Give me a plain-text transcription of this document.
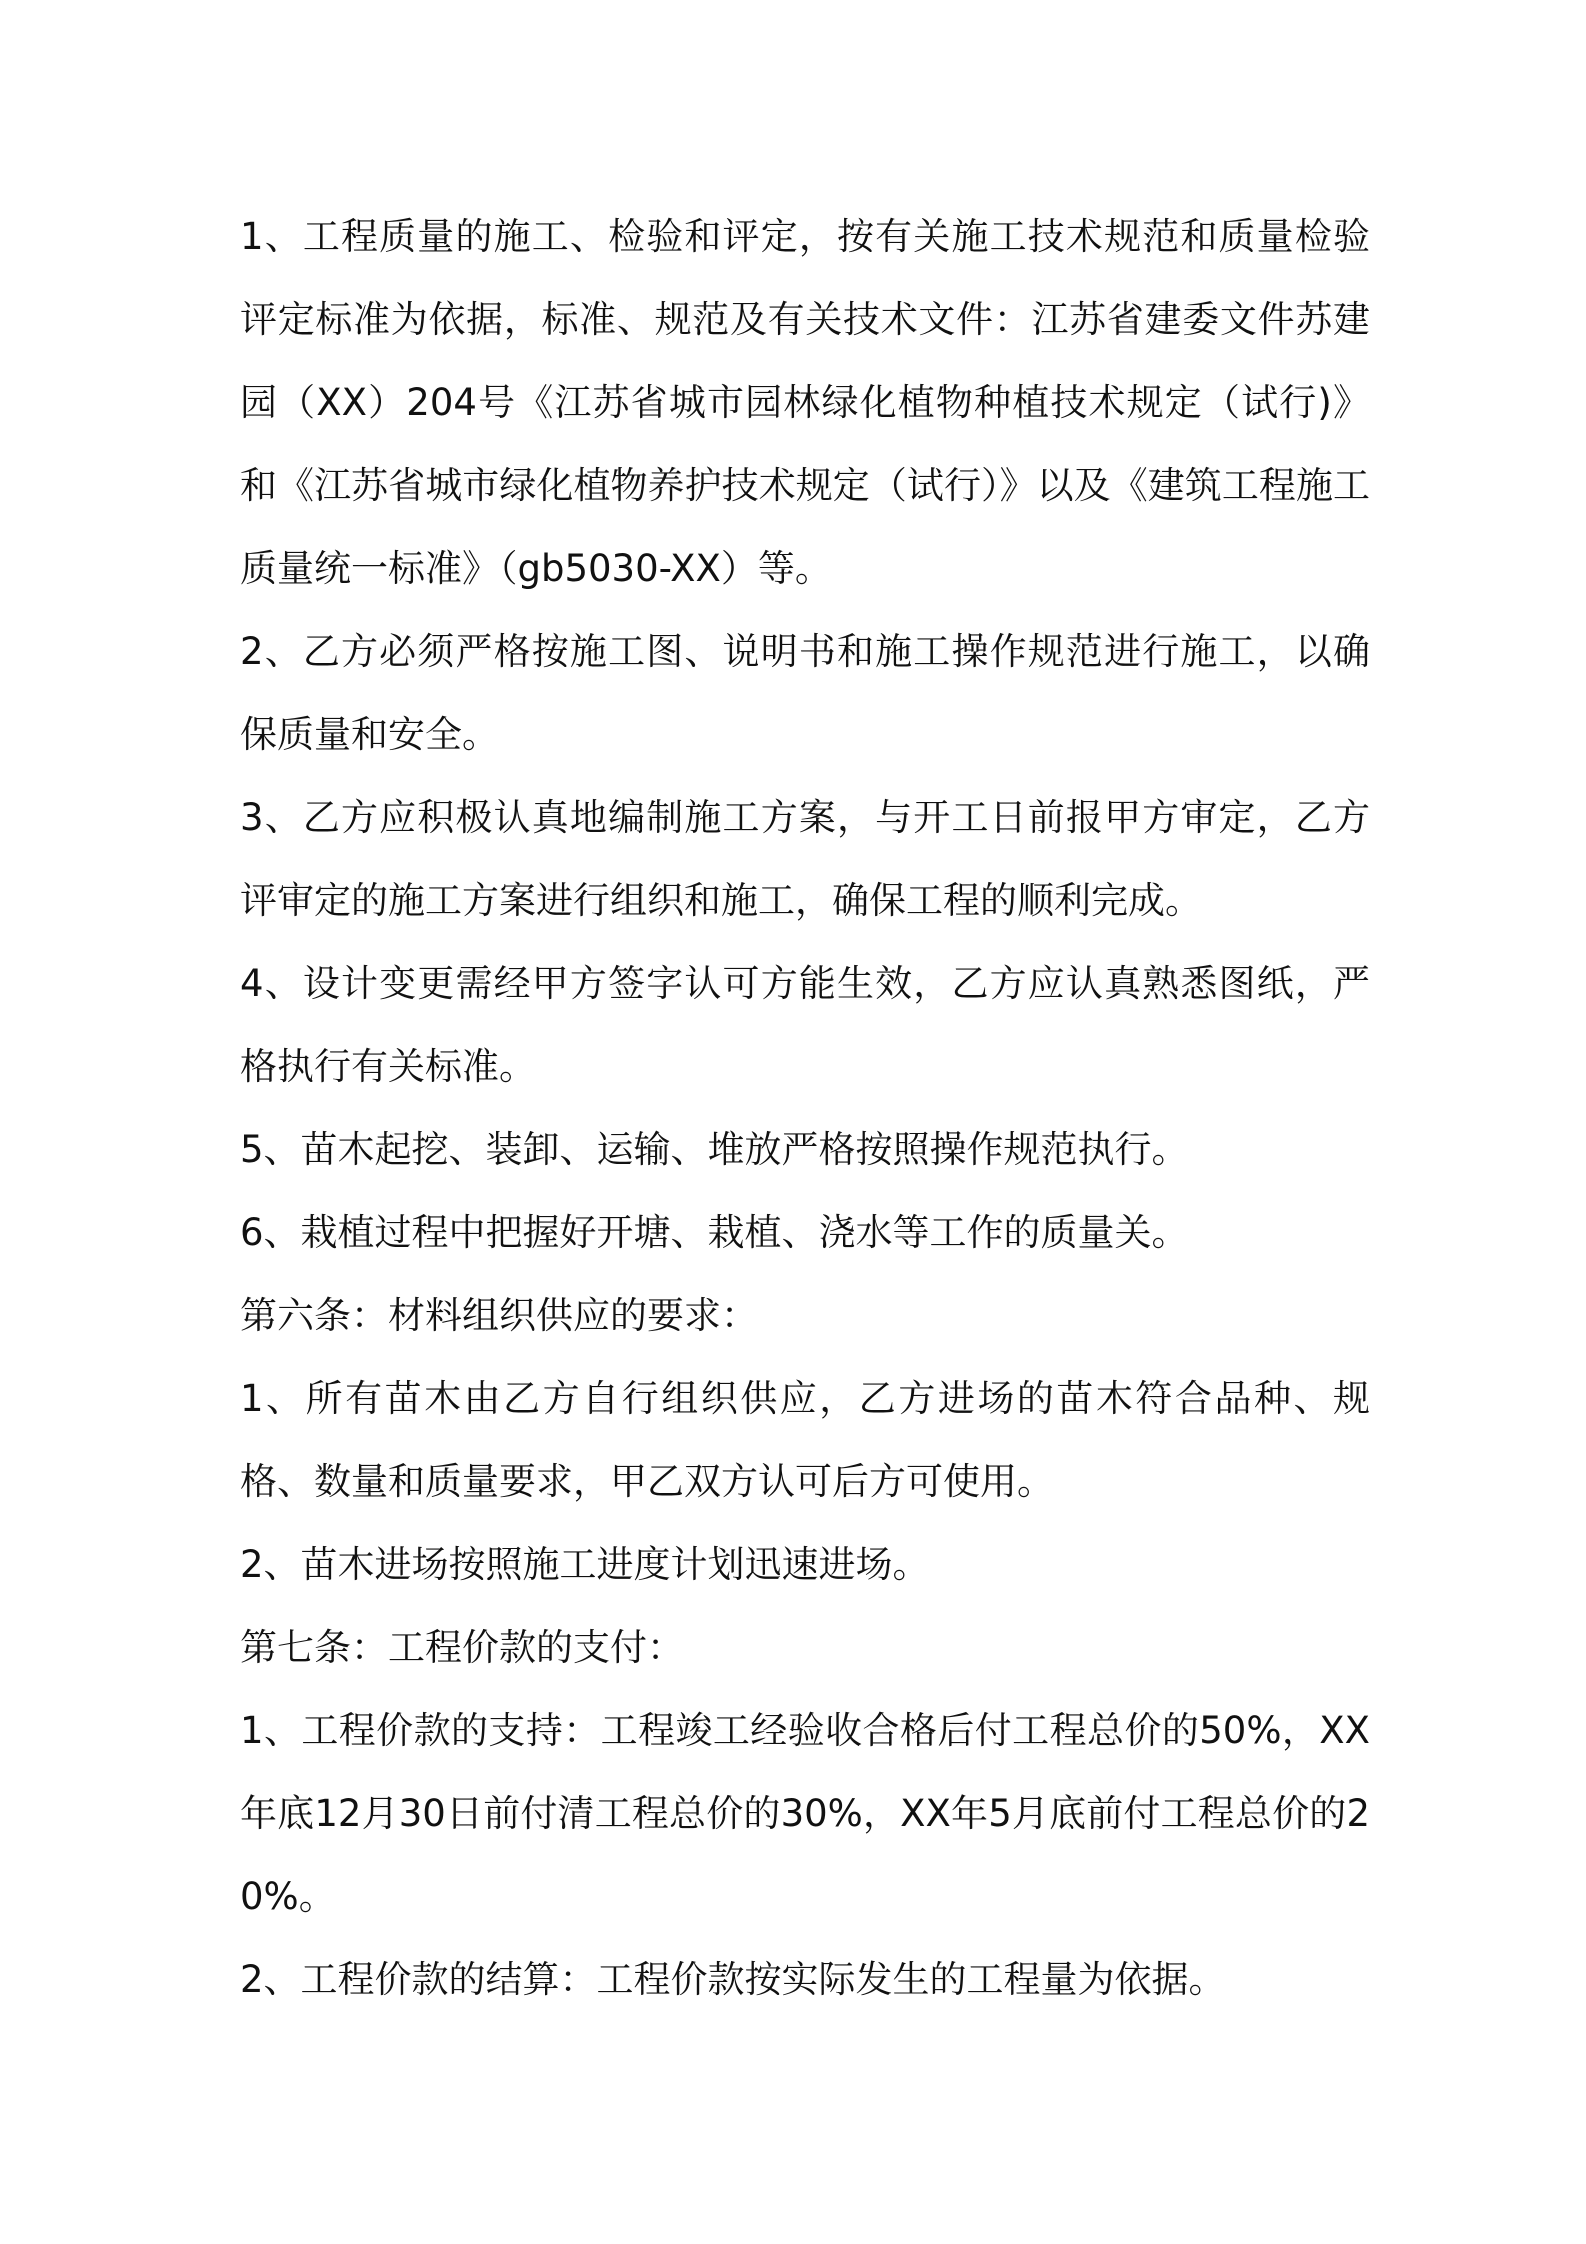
1、工程质量的施工、检验和评定，按有关施工技术规范和质量检验评定标准为依据，标准、规范及有关技术文件：江苏省建委文件苏建园（XX）204号《江苏省城市园林绿化植物种植技术规定（试行)》和《江苏省城市绿化植物养护技术规定（试行）》以及《建筑工程施工质量统一标准》（gb5030-XX）等。

2、乙方必须严格按施工图、说明书和施工操作规范进行施工，以确保质量和安全。

3、乙方应积极认真地编制施工方案，与开工日前报甲方审定，乙方评审定的施工方案进行组织和施工，确保工程的顺利完成。

4、设计变更需经甲方签字认可方能生效，乙方应认真熟悉图纸，严格执行有关标准。

5、苗木起挖、装卸、运输、堆放严格按照操作规范执行。

6、栽植过程中把握好开塘、栽植、浇水等工作的质量关。

第六条：材料组织供应的要求：

1、所有苗木由乙方自行组织供应，乙方进场的苗木符合品种、规格、数量和质量要求，甲乙双方认可后方可使用。

2、苗木进场按照施工进度计划迅速进场。

第七条：工程价款的支付：

1、工程价款的支持：工程竣工经验收合格后付工程总价的50%，XX年底12月30日前付清工程总价的30%，XX年5月底前付工程总价的20%。

2、工程价款的结算：工程价款按实际发生的工程量为依据。
